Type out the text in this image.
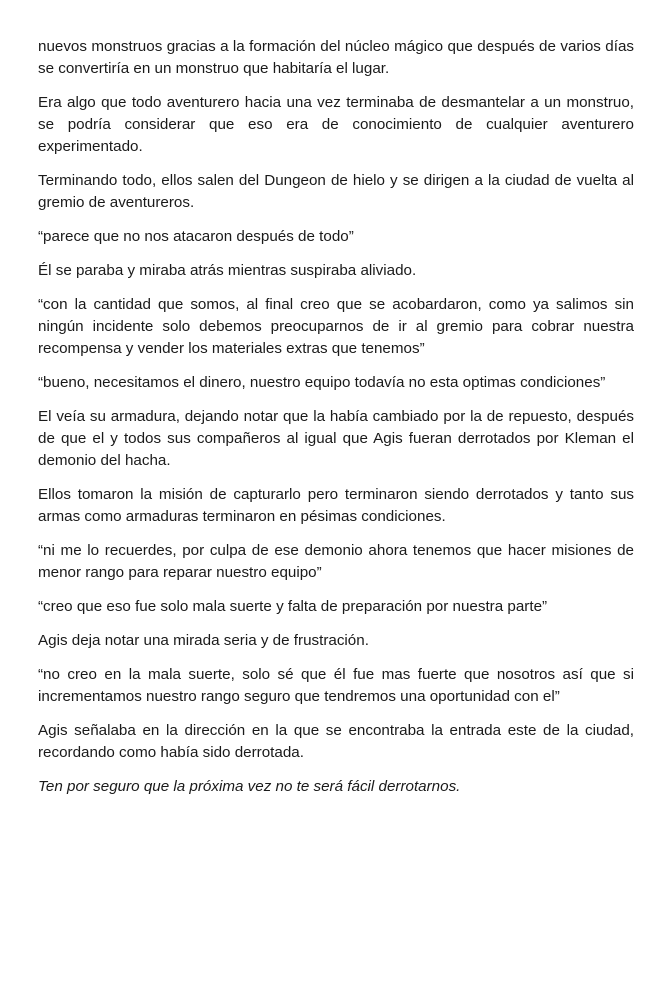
nuevos monstruos gracias a la formación del núcleo mágico que después de varios días se convertiría en un monstruo que habitaría el lugar.

Era algo que todo aventurero hacia una vez terminaba de desmantelar a un monstruo, se podría considerar que eso era de conocimiento de cualquier aventurero experimentado.

Terminando todo, ellos salen del Dungeon de hielo y se dirigen a la ciudad de vuelta al gremio de aventureros.

“parece que no nos atacaron después de todo”

Él se paraba y miraba atrás mientras suspiraba aliviado.

“con la cantidad que somos, al final creo que se acobardaron, como ya salimos sin ningún incidente solo debemos preocuparnos de ir al gremio para cobrar nuestra recompensa y vender los materiales extras que tenemos”

“bueno, necesitamos el dinero, nuestro equipo todavía no esta optimas condiciones”

El veía su armadura, dejando notar que la había cambiado por la de repuesto, después de que el y todos sus compañeros al igual que Agis fueran derrotados por Kleman el demonio del hacha.

Ellos tomaron la misión de capturarlo pero terminaron siendo derrotados y tanto sus armas como armaduras terminaron en pésimas condiciones.

“ni me lo recuerdes, por culpa de ese demonio ahora tenemos que hacer misiones de menor rango para reparar nuestro equipo”

“creo que eso fue solo mala suerte y falta de preparación por nuestra parte”

Agis deja notar una mirada seria y de frustración.

“no creo en la mala suerte, solo sé que él fue mas fuerte que nosotros así que si incrementamos nuestro rango seguro que tendremos una oportunidad con el”

Agis señalaba en la dirección en la que se encontraba la entrada este de la ciudad, recordando como había sido derrotada.

Ten por seguro que la próxima vez no te será fácil derrotarnos.
